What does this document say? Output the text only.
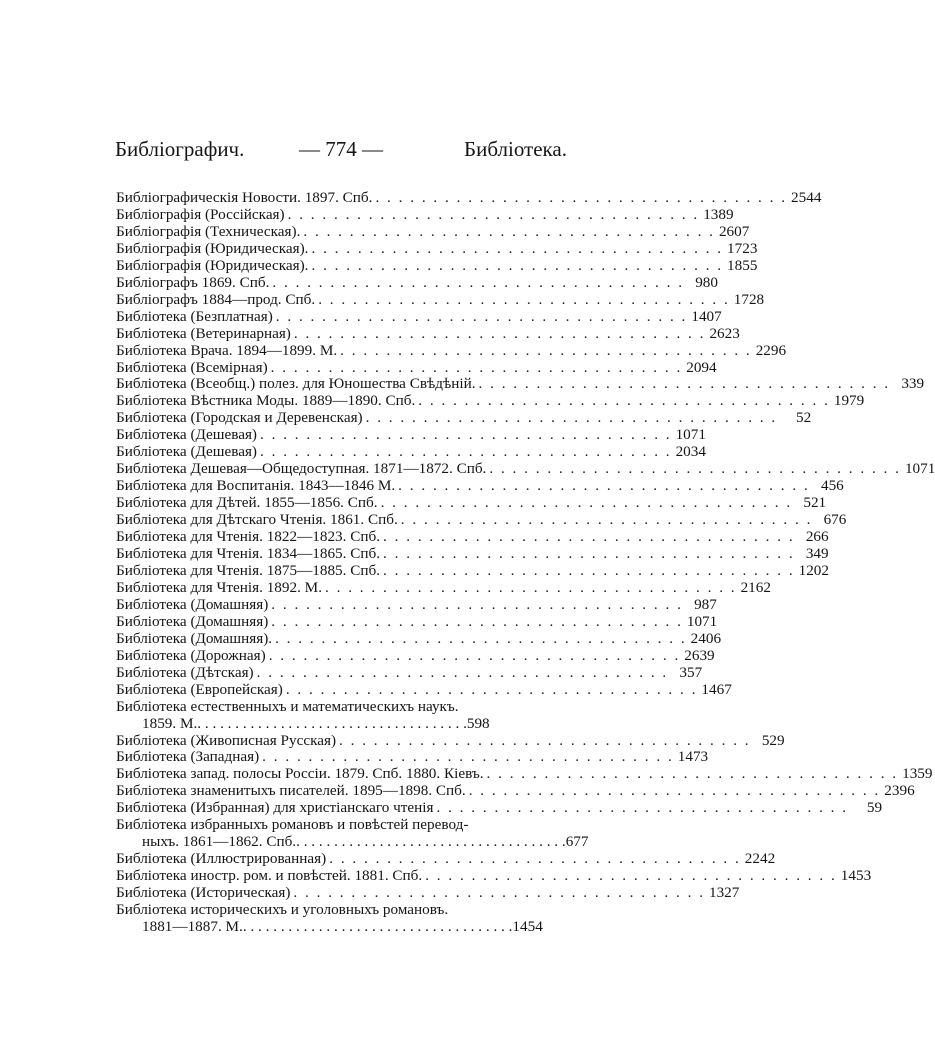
Библіографич.	— 774 —	Библіотека.
Библіографическія Новости. 1897. Спб. . . . . . . . . . . . . . . . . . . . . . . . . . . . . . . . . . . . . 2544
Библіографія (Россійская) . . . . . . . . . . . . . . . . . . . . . . . . . . . . . . . . . . . . 1389
Библіографія (Техническая). . . . . . . . . . . . . . . . . . . . . . . . . . . . . . . . . . . . . 2607
Библіографія (Юридическая). . . . . . . . . . . . . . . . . . . . . . . . . . . . . . . . . . . . . 1723
Библіографія (Юридическая). . . . . . . . . . . . . . . . . . . . . . . . . . . . . . . . . . . . . 1855
Библіографъ 1869. Спб. . . . . . . . . . . . . . . . . . . . . . . . . . . . . . . . . . . . . 980
Библіографъ 1884—прод. Спб. . . . . . . . . . . . . . . . . . . . . . . . . . . . . . . . . . . . . 1728
Библіотека (Безплатная) . . . . . . . . . . . . . . . . . . . . . . . . . . . . . . . . . . . . 1407
Библіотека (Ветеринарная) . . . . . . . . . . . . . . . . . . . . . . . . . . . . . . . . . . . . 2623
Библіотека Врача. 1894—1899. М. . . . . . . . . . . . . . . . . . . . . . . . . . . . . . . . . . . . . 2296
Библіотека (Всемірная) . . . . . . . . . . . . . . . . . . . . . . . . . . . . . . . . . . . . 2094
Библіотека (Всеобщ.) полез. для Юношества Свѣдѣній. . . . . . . . . . . . . . . . . . . . . . . . . . . . . . . . . . . . . 339
Библіотека Вѣстника Моды. 1889—1890. Спб. . . . . . . . . . . . . . . . . . . . . . . . . . . . . . . . . . . . . 1979
Библіотека (Городская и Деревенская) . . . . . . . . . . . . . . . . . . . . . . . . . . . . . . . . . . . .	52
Библіотека (Дешевая) . . . . . . . . . . . . . . . . . . . . . . . . . . . . . . . . . . . . 1071
Библіотека (Дешевая) . . . . . . . . . . . . . . . . . . . . . . . . . . . . . . . . . . . . 2034
Библіотека Дешевая—Общедоступная. 1871—1872. Спб. . . . . . . . . . . . . . . . . . . . . . . . . . . . . . . . . . . . . 1071
Библіотека для Воспитанія. 1843—1846 М. . . . . . . . . . . . . . . . . . . . . . . . . . . . . . . . . . . . . 456
Библіотека для Дѣтей. 1855—1856. Спб. . . . . . . . . . . . . . . . . . . . . . . . . . . . . . . . . . . . . 521
Библіотека для Дѣтскаго Чтенія. 1861. Спб. . . . . . . . . . . . . . . . . . . . . . . . . . . . . . . . . . . . . 676
Библіотека для Чтенія. 1822—1823. Спб. . . . . . . . . . . . . . . . . . . . . . . . . . . . . . . . . . . . . 266
Библіотека для Чтенія. 1834—1865. Спб. . . . . . . . . . . . . . . . . . . . . . . . . . . . . . . . . . . . . 349
Библіотека для Чтенія. 1875—1885. Спб. . . . . . . . . . . . . . . . . . . . . . . . . . . . . . . . . . . . . 1202
Библіотека для Чтенія. 1892. М. . . . . . . . . . . . . . . . . . . . . . . . . . . . . . . . . . . . . 2162
Библіотека (Домашняя) . . . . . . . . . . . . . . . . . . . . . . . . . . . . . . . . . . . . 987
Библіотека (Домашняя) . . . . . . . . . . . . . . . . . . . . . . . . . . . . . . . . . . . . 1071
Библіотека (Домашняя). . . . . . . . . . . . . . . . . . . . . . . . . . . . . . . . . . . . . 2406
Библіотека (Дорожная) . . . . . . . . . . . . . . . . . . . . . . . . . . . . . . . . . . . . 2639
Библіотека (Дѣтская) . . . . . . . . . . . . . . . . . . . . . . . . . . . . . . . . . . . . 357
Библіотека (Европейская) . . . . . . . . . . . . . . . . . . . . . . . . . . . . . . . . . . . . 1467
Библіотека естественныхъ и математическихъ наукъ.
1859. М. . . . . . . . . . . . . . . . . . . . . . . . . . . . . . . . . . . . . 598
Библіотека (Живописная Русская) . . . . . . . . . . . . . . . . . . . . . . . . . . . . . . . . . . . . 529
Библіотека (Западная) . . . . . . . . . . . . . . . . . . . . . . . . . . . . . . . . . . . . 1473
Библіотека запад. полосы Россіи. 1879. Спб. 1880. Кіевъ. . . . . . . . . . . . . . . . . . . . . . . . . . . . . . . . . . . . . 1359
Библіотека знаменитыхъ писателей. 1895—1898. Спб. . . . . . . . . . . . . . . . . . . . . . . . . . . . . . . . . . . . . 2396
Библіотека (Избранная) для христіанскаго чтенія . . . . . . . . . . . . . . . . . . . . . . . . . . . . . . . . . . . .	59
Библіотека избранныхъ романовъ и повѣстей перевод-
ныхъ. 1861—1862. Спб. . . . . . . . . . . . . . . . . . . . . . . . . . . . . . . . . . . . . 677
Библіотека (Иллюстрированная) . . . . . . . . . . . . . . . . . . . . . . . . . . . . . . . . . . . . 2242
Библіотека иностр. ром. и повѣстей. 1881. Спб. . . . . . . . . . . . . . . . . . . . . . . . . . . . . . . . . . . . . 1453
Библіотека (Историческая) . . . . . . . . . . . . . . . . . . . . . . . . . . . . . . . . . . . . 1327
Библіотека историческихъ и уголовныхъ романовъ.
1881—1887. М. . . . . . . . . . . . . . . . . . . . . . . . . . . . . . . . . . . . . 1454
